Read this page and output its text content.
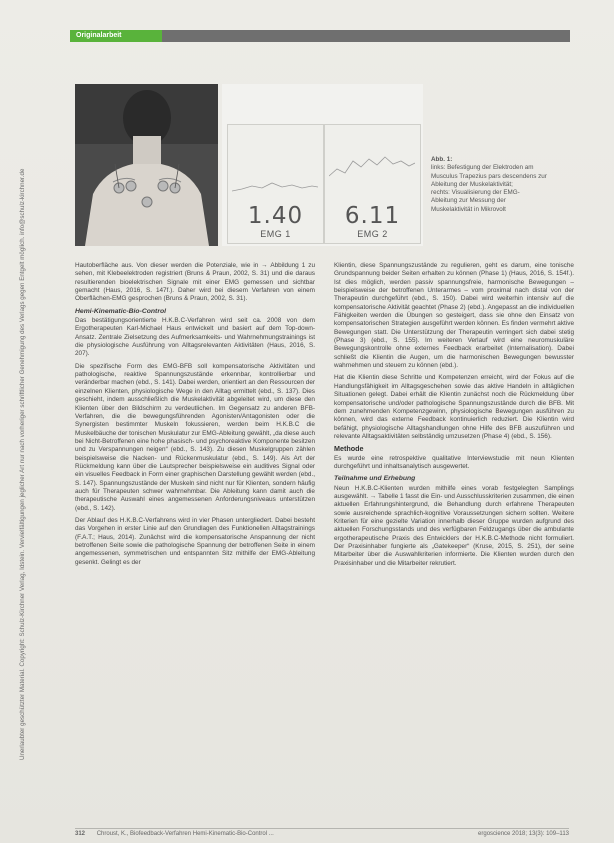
Originalarbeit
Unerlaubter geschützter Material. Copyright: Schulz-Kirchner Verlag, Idstein. Vervielfältigungen jeglicher Art nur nach vorheriger schriftlicher Genehmigung des Verlags gegen Entgelt möglich. info@schulz-kirchner.de	1.40
EMG 1
6.11
EMG 2
Abb. 1:
links: Befestigung der Elektroden am
Musculus Trapezius pars descendens zur
Ableitung der Muskelaktivität;
rechts: Visualisierung der EMG-
Ableitung zur Messung der
Muskelaktivität in Mikrovolt

Hautoberfläche aus. Von dieser werden die Potenziale, wie in → Abbildung 1 zu sehen, mit Klebeelektroden registriert (Bruns & Praun, 2002, S. 31) und die daraus resultierenden bioelektrischen Signale mit einer EMG gemessen und sichtbar gemacht (Haus, 2016, S. 147f.). Daher wird bei diesem Verfahren von einem Oberflächen-EMG gesprochen (Bruns & Praun, 2002, S. 31).

Hemi-Kinematic-Bio-Control

Das bestätigungsorientierte H.K.B.C-Verfahren wird seit ca. 2008 von dem Ergotherapeuten Karl-Michael Haus entwickelt und basiert auf dem Top-down-Ansatz. Zentrale Zielsetzung des Aufmerksamkeits- und Wahrnehmungstrainings ist die physiologische Ausführung von Alltagsrelevanten Aktivitäten (Haus, 2016, S. 207).

Die spezifische Form des EMG-BFB soll kompensatorische Aktivitäten und pathologische, reaktive Spannungszustände erkennbar, kontrollierbar und veränderbar machen (ebd., S. 141). Dabei werden, orientiert an den Ressourcen der einzelnen Klienten, physiologische Wege in den Alltag ermittelt (ebd., S. 137). Dies geschieht, indem ausschließlich die Muskelaktivität abgeleitet wird, um diese den Klienten über den Bildschirm zu verdeutlichen. Im Gegensatz zu anderen BFB-Verfahren, die die bewegungsführenden Agonisten/Antagonisten oder die Synergisten bestimmter Muskeln fokussieren, werden beim H.K.B.C die Muskelbäuche der tonischen Muskulatur zur EMG-Ableitung gewählt, „da diese auch bei Nicht-Betroffenen eine hohe phasisch- und psychoreaktive Komponente besitzen und zu Verspannungen neigen“ (ebd., S. 143). Zu diesen Muskelgruppen zählen beispielsweise die Nacken- und Rückenmuskulatur (ebd., S. 149). Als Art der Rückmeldung kann über die Lautsprecher beispielsweise ein auditives Signal oder ein visuelles Feedback in Form einer graphischen Darstellung gewählt werden (ebd., S. 147). Spannungszustände der Muskeln sind nicht nur für Klienten, sondern häufig auch für Therapeuten schwer wahrnehmbar. Die Ableitung kann damit auch die therapeutische Auswahl eines angemessenen Anforderungsniveaus unterstützen (ebd., S. 142).

Der Ablauf des H.K.B.C-Verfahrens wird in vier Phasen untergliedert. Dabei besteht das Vorgehen in erster Linie auf den Grundlagen des Funktionellen Alltagstrainings (F.A.T.; Haus, 2014). Zunächst wird die kompensatorische Anspannung der nicht betroffenen Seite sowie die pathologische Spannung der betroffenen Seite in einem angemessenen, symmetrischen und entspannten Sitz mithilfe der EMG-Ableitung gesenkt. Gelingt es der

Klientin, diese Spannungszustände zu regulieren, geht es darum, eine tonische Grundspannung beider Seiten erhalten zu können (Phase 1) (Haus, 2016, S. 154f.). Ist dies möglich, werden passiv spannungsfreie, harmonische Bewegungen – beispielsweise der betroffenen Unterarmes – vom proximal nach distal von der Therapeutin durchgeführt (ebd., S. 150). Dabei wird weiterhin intensiv auf die kompensatorische Aktivität geachtet (Phase 2) (ebd.). Angepasst an die individuellen Fähigkeiten werden die Übungen so gesteigert, dass sie ohne den Einsatz von kompensatorischen Strategien ausgeführt werden können. Es finden vermehrt aktive Bewegungen statt. Die Unterstützung der Therapeutin verringert sich dabei stetig (Phase 3) (ebd., S. 155). Im weiteren Verlauf wird eine neuromuskuläre Bewegungskontrolle ohne externes Feedback erarbeitet (Internalisation). Dabei schließt die Klientin die Augen, um die harmonischen Bewegungen bewusster wahrnehmen und steuern zu können (ebd.).

Hat die Klientin diese Schritte und Kompetenzen erreicht, wird der Fokus auf die Handlungsfähigkeit im Alltagsgeschehen sowie das aktive Handeln in alltäglichen Situationen gelegt. Dabei erhält die Klientin zunächst noch die Rückmeldung über kompensatorische und/oder pathologische Spannungszustände durch die BFB. Mit dem zunehmenden Kompetenzgewinn, physiologische Bewegungen ausführen zu können, wird das externe Feedback kontinuierlich reduziert. Die Klientin wird befähigt, physiologische Alltagshandlungen ohne Hilfe des BFB auszuführen und relevante Alltagsaktivitäten selbständig umzusetzen (Phase 4) (ebd., S. 156).

Methode

Es wurde eine retrospektive qualitative Interviewstudie mit neun Klienten durchgeführt und inhaltsanalytisch ausgewertet.

Teilnahme und Erhebung

Neun H.K.B.C-Klienten wurden mithilfe eines vorab festgelegten Samplings ausgewählt. → Tabelle 1 fasst die Ein- und Ausschlusskriterien zusammen, die einen aktuellen Erfahrungshintergrund, die Behandlung durch erfahrene Therapeuten sowie ausreichende sprachlich-kognitive Voraussetzungen sichern sollten. Weitere Kriterien für eine gezielte Variation innerhalb dieser Gruppe wurden aufgrund des aktuellen Forschungsstands und des verfügbaren Feldzugangs über die ambulante ergotherapeutische Praxis des Entwicklers der H.K.B.C-Methode nicht formuliert. Der Praxisinhaber fungierte als „Gatekeeper“ (Kruse, 2015, S. 251), der seine Mitarbeiter über die Auswahlkriterien informierte. Die Klienten wurden durch den Praxisinhaber und die Mitarbeiter rekrutiert.

312 Chroust, K., Biofeedback-Verfahren Hemi-Kinematic-Bio-Control ...	ergoscience 2018; 13(3): 109–113
